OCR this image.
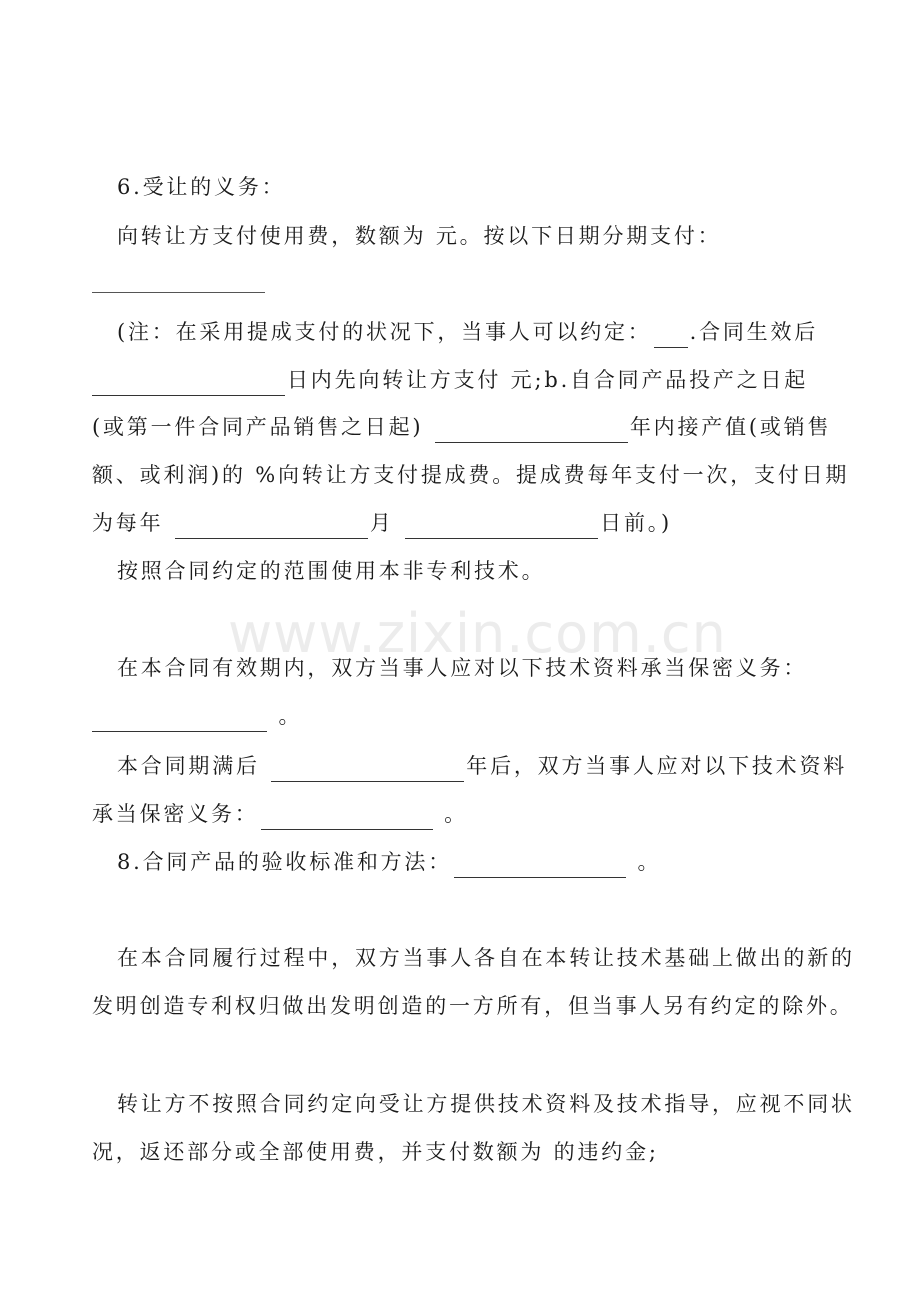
www.zixin.com.cn
6.受让的义务：
向转让方支付使用费，数额为 元。按以下日期分期支付：
(注：在采用提成支付的状况下，当事人可以约定： .合同生效后
日内先向转让方支付 元;b.自合同产品投产之日起
(或第一件合同产品销售之日起)	年内接产值(或销售
额、或利润)的 %向转让方支付提成费。提成费每年支付一次，支付日期
为每年	月	日前。)
按照合同约定的范围使用本非专利技术。
在本合同有效期内，双方当事人应对以下技术资料承当保密义务：
。
本合同期满后	年后，双方当事人应对以下技术资料
承当保密义务：	。
8.合同产品的验收标准和方法：	。
在本合同履行过程中，双方当事人各自在本转让技术基础上做出的新的
发明创造专利权归做出发明创造的一方所有，但当事人另有约定的除外。
转让方不按照合同约定向受让方提供技术资料及技术指导，应视不同状
况，返还部分或全部使用费，并支付数额为 的违约金;
